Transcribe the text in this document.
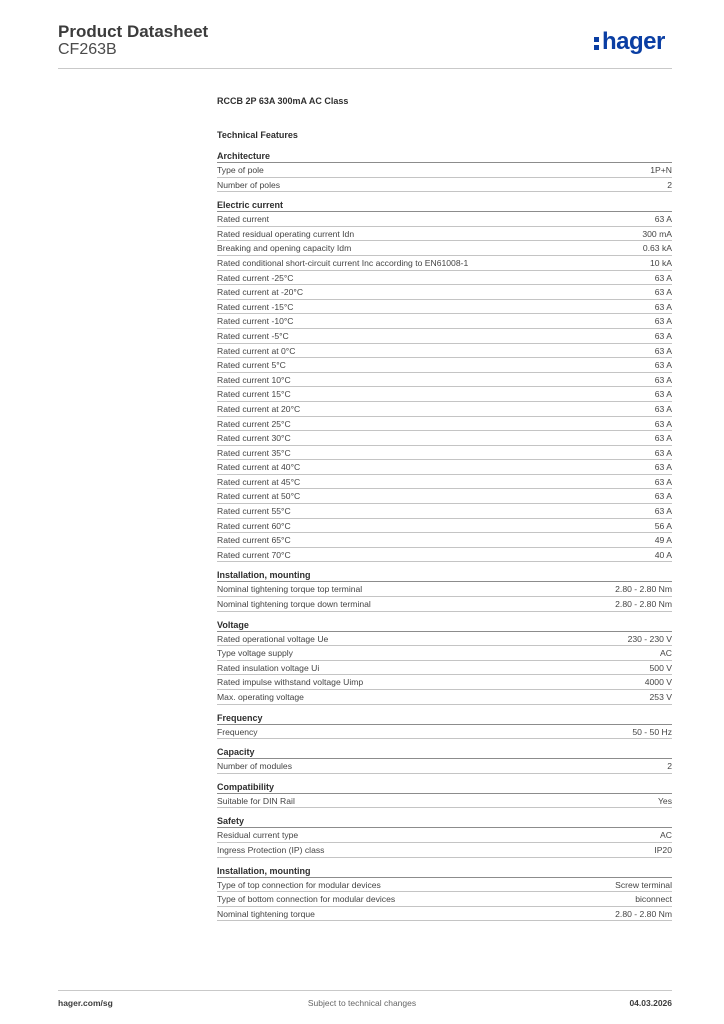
Product Datasheet
CF263B	hager
RCCB 2P 63A 300mA AC Class
Technical Features
Architecture
Type of pole	1P+N
Number of poles	2
Electric current
Rated current	63 A
Rated residual operating current Idn	300 mA
Breaking and opening capacity Idm	0.63 kA
Rated conditional short-circuit current Inc according to EN61008-1	10 kA
Rated current -25°C	63 A
Rated current at -20°C	63 A
Rated current -15°C	63 A
Rated current -10°C	63 A
Rated current -5°C	63 A
Rated current at 0°C	63 A
Rated current 5°C	63 A
Rated current 10°C	63 A
Rated current 15°C	63 A
Rated current at 20°C	63 A
Rated current 25°C	63 A
Rated current 30°C	63 A
Rated current 35°C	63 A
Rated current at 40°C	63 A
Rated current at 45°C	63 A
Rated current at 50°C	63 A
Rated current 55°C	63 A
Rated current 60°C	56 A
Rated current 65°C	49 A
Rated current 70°C	40 A
Installation, mounting
Nominal tightening torque top terminal	2.80 - 2.80 Nm
Nominal tightening torque down terminal	2.80 - 2.80 Nm
Voltage
Rated operational voltage Ue	230 - 230 V
Type voltage supply	AC
Rated insulation voltage Ui	500 V
Rated impulse withstand voltage Uimp	4000 V
Max. operating voltage	253 V
Frequency
Frequency	50 - 50 Hz
Capacity
Number of modules	2
Compatibility
Suitable for DIN Rail	Yes
Safety
Residual current type	AC
Ingress Protection (IP) class	IP20
Installation, mounting
Type of top connection for modular devices	Screw terminal
Type of bottom connection for modular devices	biconnect
Nominal tightening torque	2.80 - 2.80 Nm
hager.com/sg	Subject to technical changes	04.03.2026
